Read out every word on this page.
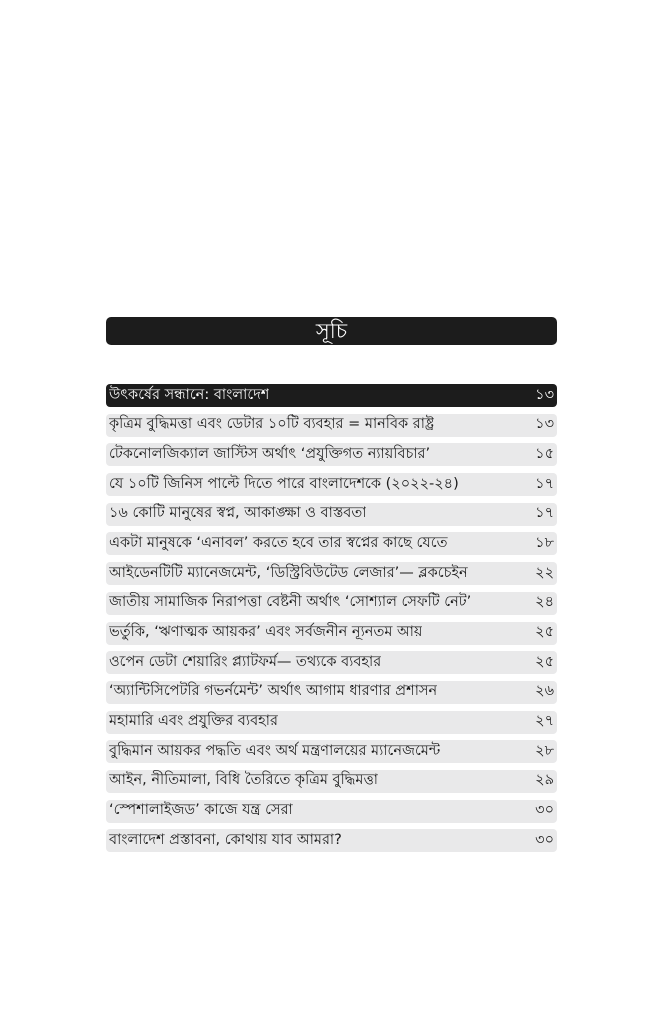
সূচি
উৎকর্ষের সন্ধানে: বাংলাদেশ	১৩
কৃত্রিম বুদ্ধিমত্তা এবং ডেটার ১০টি ব্যবহার = মানবিক রাষ্ট্র	১৩
টেকনোলজিক্যাল জাস্টিস অর্থাৎ ‘প্রযুক্তিগত ন্যায়বিচার’	১৫
যে ১০টি জিনিস পাল্টে দিতে পারে বাংলাদেশকে (২০২২-২৪)	১৭
১৬ কোটি মানুষের স্বপ্ন, আকাঙ্ক্ষা ও বাস্তবতা	১৭
একটা মানুষকে ‘এনাবল’ করতে হবে তার স্বপ্নের কাছে যেতে	১৮
আইডেনটিটি ম্যানেজমেন্ট, ‘ডিস্ট্রিবিউটেড লেজার’— ব্লকচেইন	২২
জাতীয় সামাজিক নিরাপত্তা বেষ্টনী অর্থাৎ ‘সোশ্যাল সেফটি নেট’	২৪
ভর্তুকি, ‘ঋণাত্মক আয়কর’ এবং সর্বজনীন ন্যূনতম আয়	২৫
ওপেন ডেটা শেয়ারিং প্ল্যাটফর্ম— তথ্যকে ব্যবহার	২৫
‘অ্যান্টিসিপেটরি গভর্নমেন্ট’ অর্থাৎ আগাম ধারণার প্রশাসন	২৬
মহামারি এবং প্রযুক্তির ব্যবহার	২৭
বুদ্ধিমান আয়কর পদ্ধতি এবং অর্থ মন্ত্রণালয়ের ম্যানেজমেন্ট	২৮
আইন, নীতিমালা, বিধি তৈরিতে কৃত্রিম বুদ্ধিমত্তা	২৯
‘স্পেশালাইজড’ কাজে যন্ত্র সেরা	৩০
বাংলাদেশ প্রস্তাবনা, কোথায় যাব আমরা?	৩০
